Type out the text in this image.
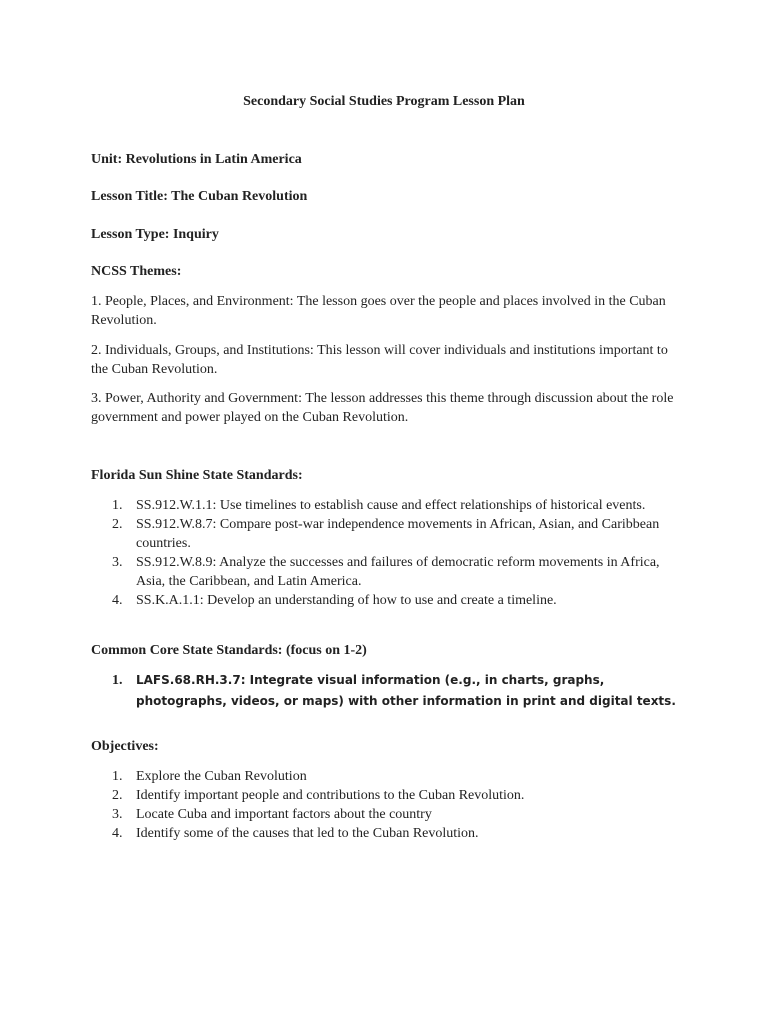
Secondary Social Studies Program Lesson Plan

Unit: Revolutions in Latin America

Lesson Title: The Cuban Revolution

Lesson Type: Inquiry

NCSS Themes:

1. People, Places, and Environment: The lesson goes over the people and places involved in the Cuban Revolution.

2. Individuals, Groups, and Institutions: This lesson will cover individuals and institutions important to the Cuban Revolution.

3. Power, Authority and Government: The lesson addresses this theme through discussion about the role government and power played on the Cuban Revolution.

Florida Sun Shine State Standards:

1. SS.912.W.1.1: Use timelines to establish cause and effect relationships of historical events.
2. SS.912.W.8.7: Compare post-war independence movements in African, Asian, and Caribbean countries.
3. SS.912.W.8.9: Analyze the successes and failures of democratic reform movements in Africa, Asia, the Caribbean, and Latin America.
4. SS.K.A.1.1: Develop an understanding of how to use and create a timeline.

Common Core State Standards: (focus on 1-2)

1. LAFS.68.RH.3.7: Integrate visual information (e.g., in charts, graphs, photographs, videos, or maps) with other information in print and digital texts.

Objectives:

1. Explore the Cuban Revolution
2. Identify important people and contributions to the Cuban Revolution.
3. Locate Cuba and important factors about the country
4. Identify some of the causes that led to the Cuban Revolution.
